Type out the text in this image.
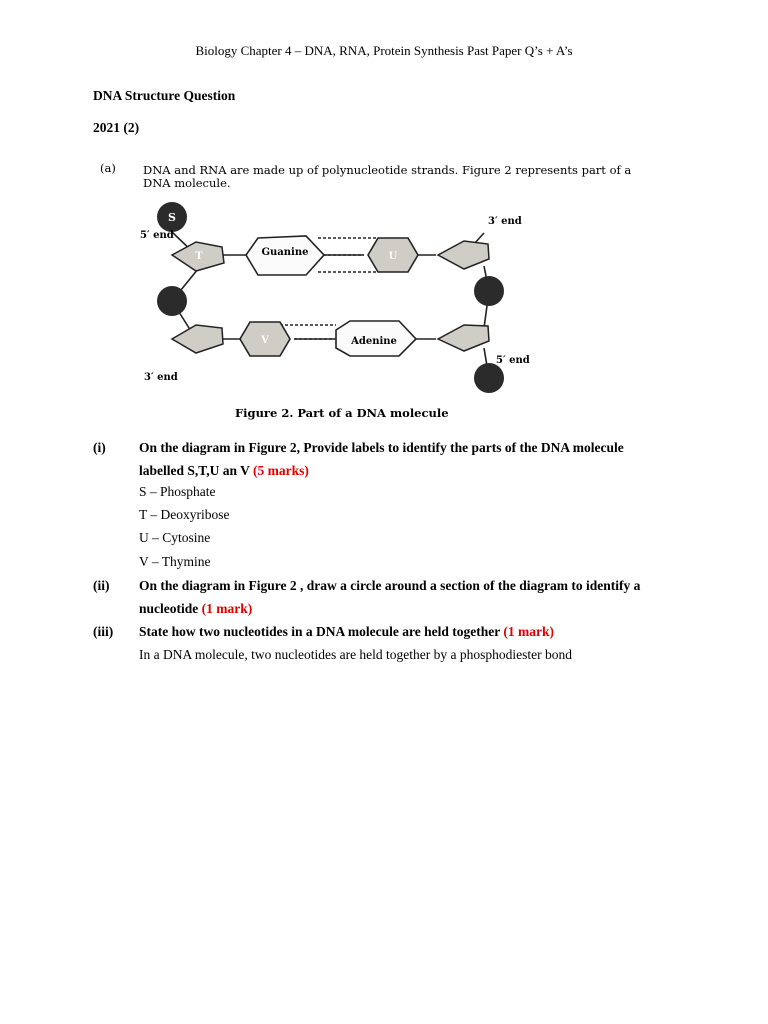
Biology Chapter 4 – DNA, RNA, Protein Synthesis Past Paper Q’s + A’s
DNA Structure Question
2021 (2)
(a) DNA and RNA are made up of polynucleotide strands. Figure 2 represents part of a
DNA molecule.
S
T	Guanine	U
V	Adenine
5′ end
3′ end
3′ end
5′ end
Figure 2. Part of a DNA molecule
(i) On the diagram in Figure 2, Provide labels to identify the parts of the DNA molecule
labelled S,T,U an V (5 marks)
S – Phosphate
T – Deoxyribose
U – Cytosine
V – Thymine
(ii) On the diagram in Figure 2 , draw a circle around a section of the diagram to identify a
nucleotide (1 mark)
(iii) State how two nucleotides in a DNA molecule are held together (1 mark)
In a DNA molecule, two nucleotides are held together by a phosphodiester bond
